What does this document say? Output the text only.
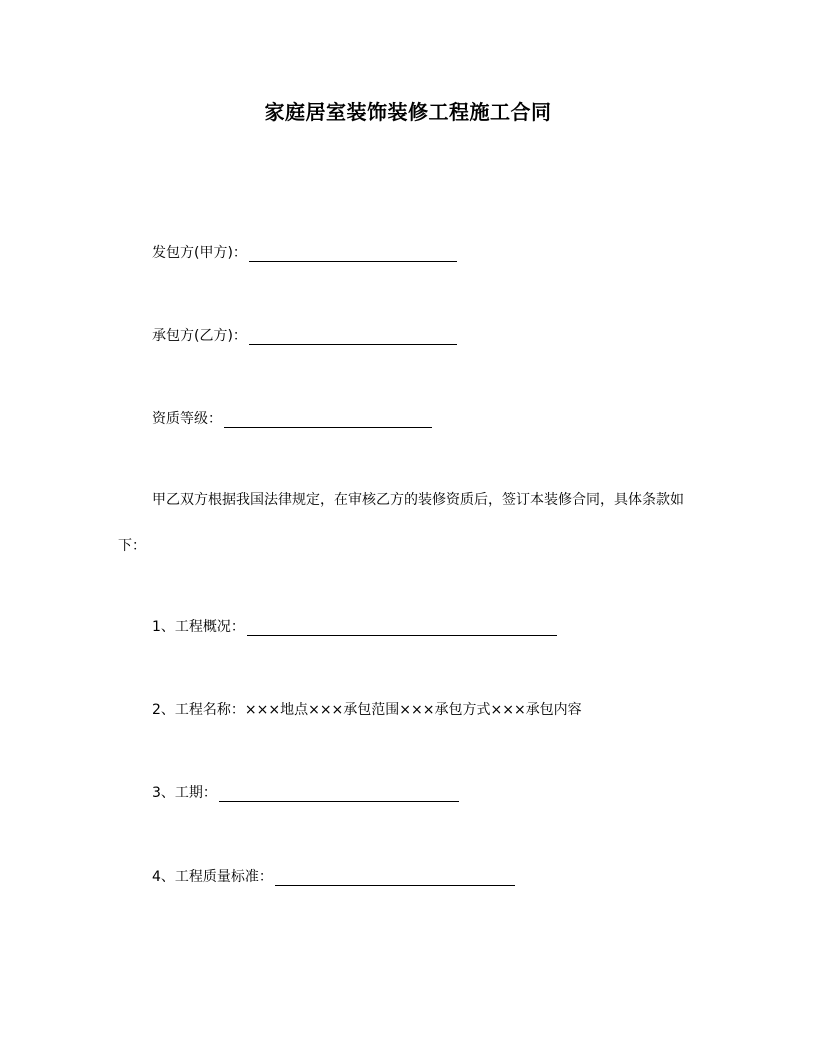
家庭居室装饰装修工程施工合同
发包方(甲方)：
承包方(乙方)：
资质等级：
甲乙双方根据我国法律规定，在审核乙方的装修资质后，签订本装修合同，具体条款如下：
1、工程概况：
2、工程名称：×××地点×××承包范围×××承包方式×××承包内容
3、工期：
4、工程质量标准：
